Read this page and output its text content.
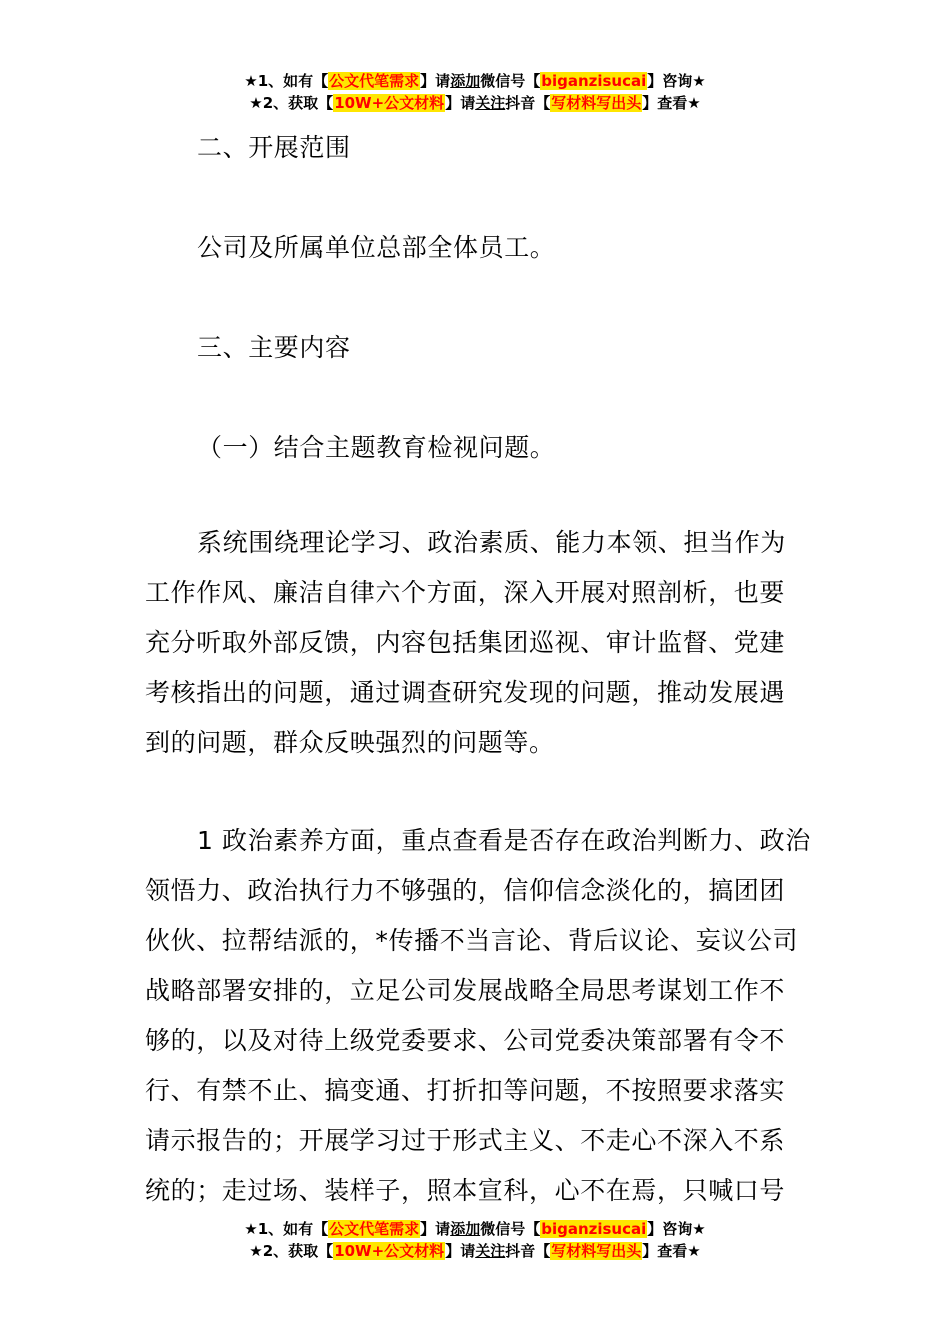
★1、如有【公文代笔需求】请添加微信号【biganzisucai】咨询★
★2、获取【10W+公文材料】请关注抖音【写材料写出头】查看★
二、开展范围
公司及所属单位总部全体员工。
三、主要内容
（一）结合主题教育检视问题。
系统围绕理论学习、政治素质、能力本领、担当作为
工作作风、廉洁自律六个方面，深入开展对照剖析，也要
充分听取外部反馈，内容包括集团巡视、审计监督、党建
考核指出的问题，通过调查研究发现的问题，推动发展遇
到的问题，群众反映强烈的问题等。
1 政治素养方面，重点查看是否存在政治判断力、政治
领悟力、政治执行力不够强的，信仰信念淡化的，搞团团
伙伙、拉帮结派的，*传播不当言论、背后议论、妄议公司
战略部署安排的，立足公司发展战略全局思考谋划工作不
够的，以及对待上级党委要求、公司党委决策部署有令不
行、有禁不止、搞变通、打折扣等问题，不按照要求落实
请示报告的；开展学习过于形式主义、不走心不深入不系
统的；走过场、装样子，照本宣科，心不在焉，只喊口号
★1、如有【公文代笔需求】请添加微信号【biganzisucai】咨询★
★2、获取【10W+公文材料】请关注抖音【写材料写出头】查看★
